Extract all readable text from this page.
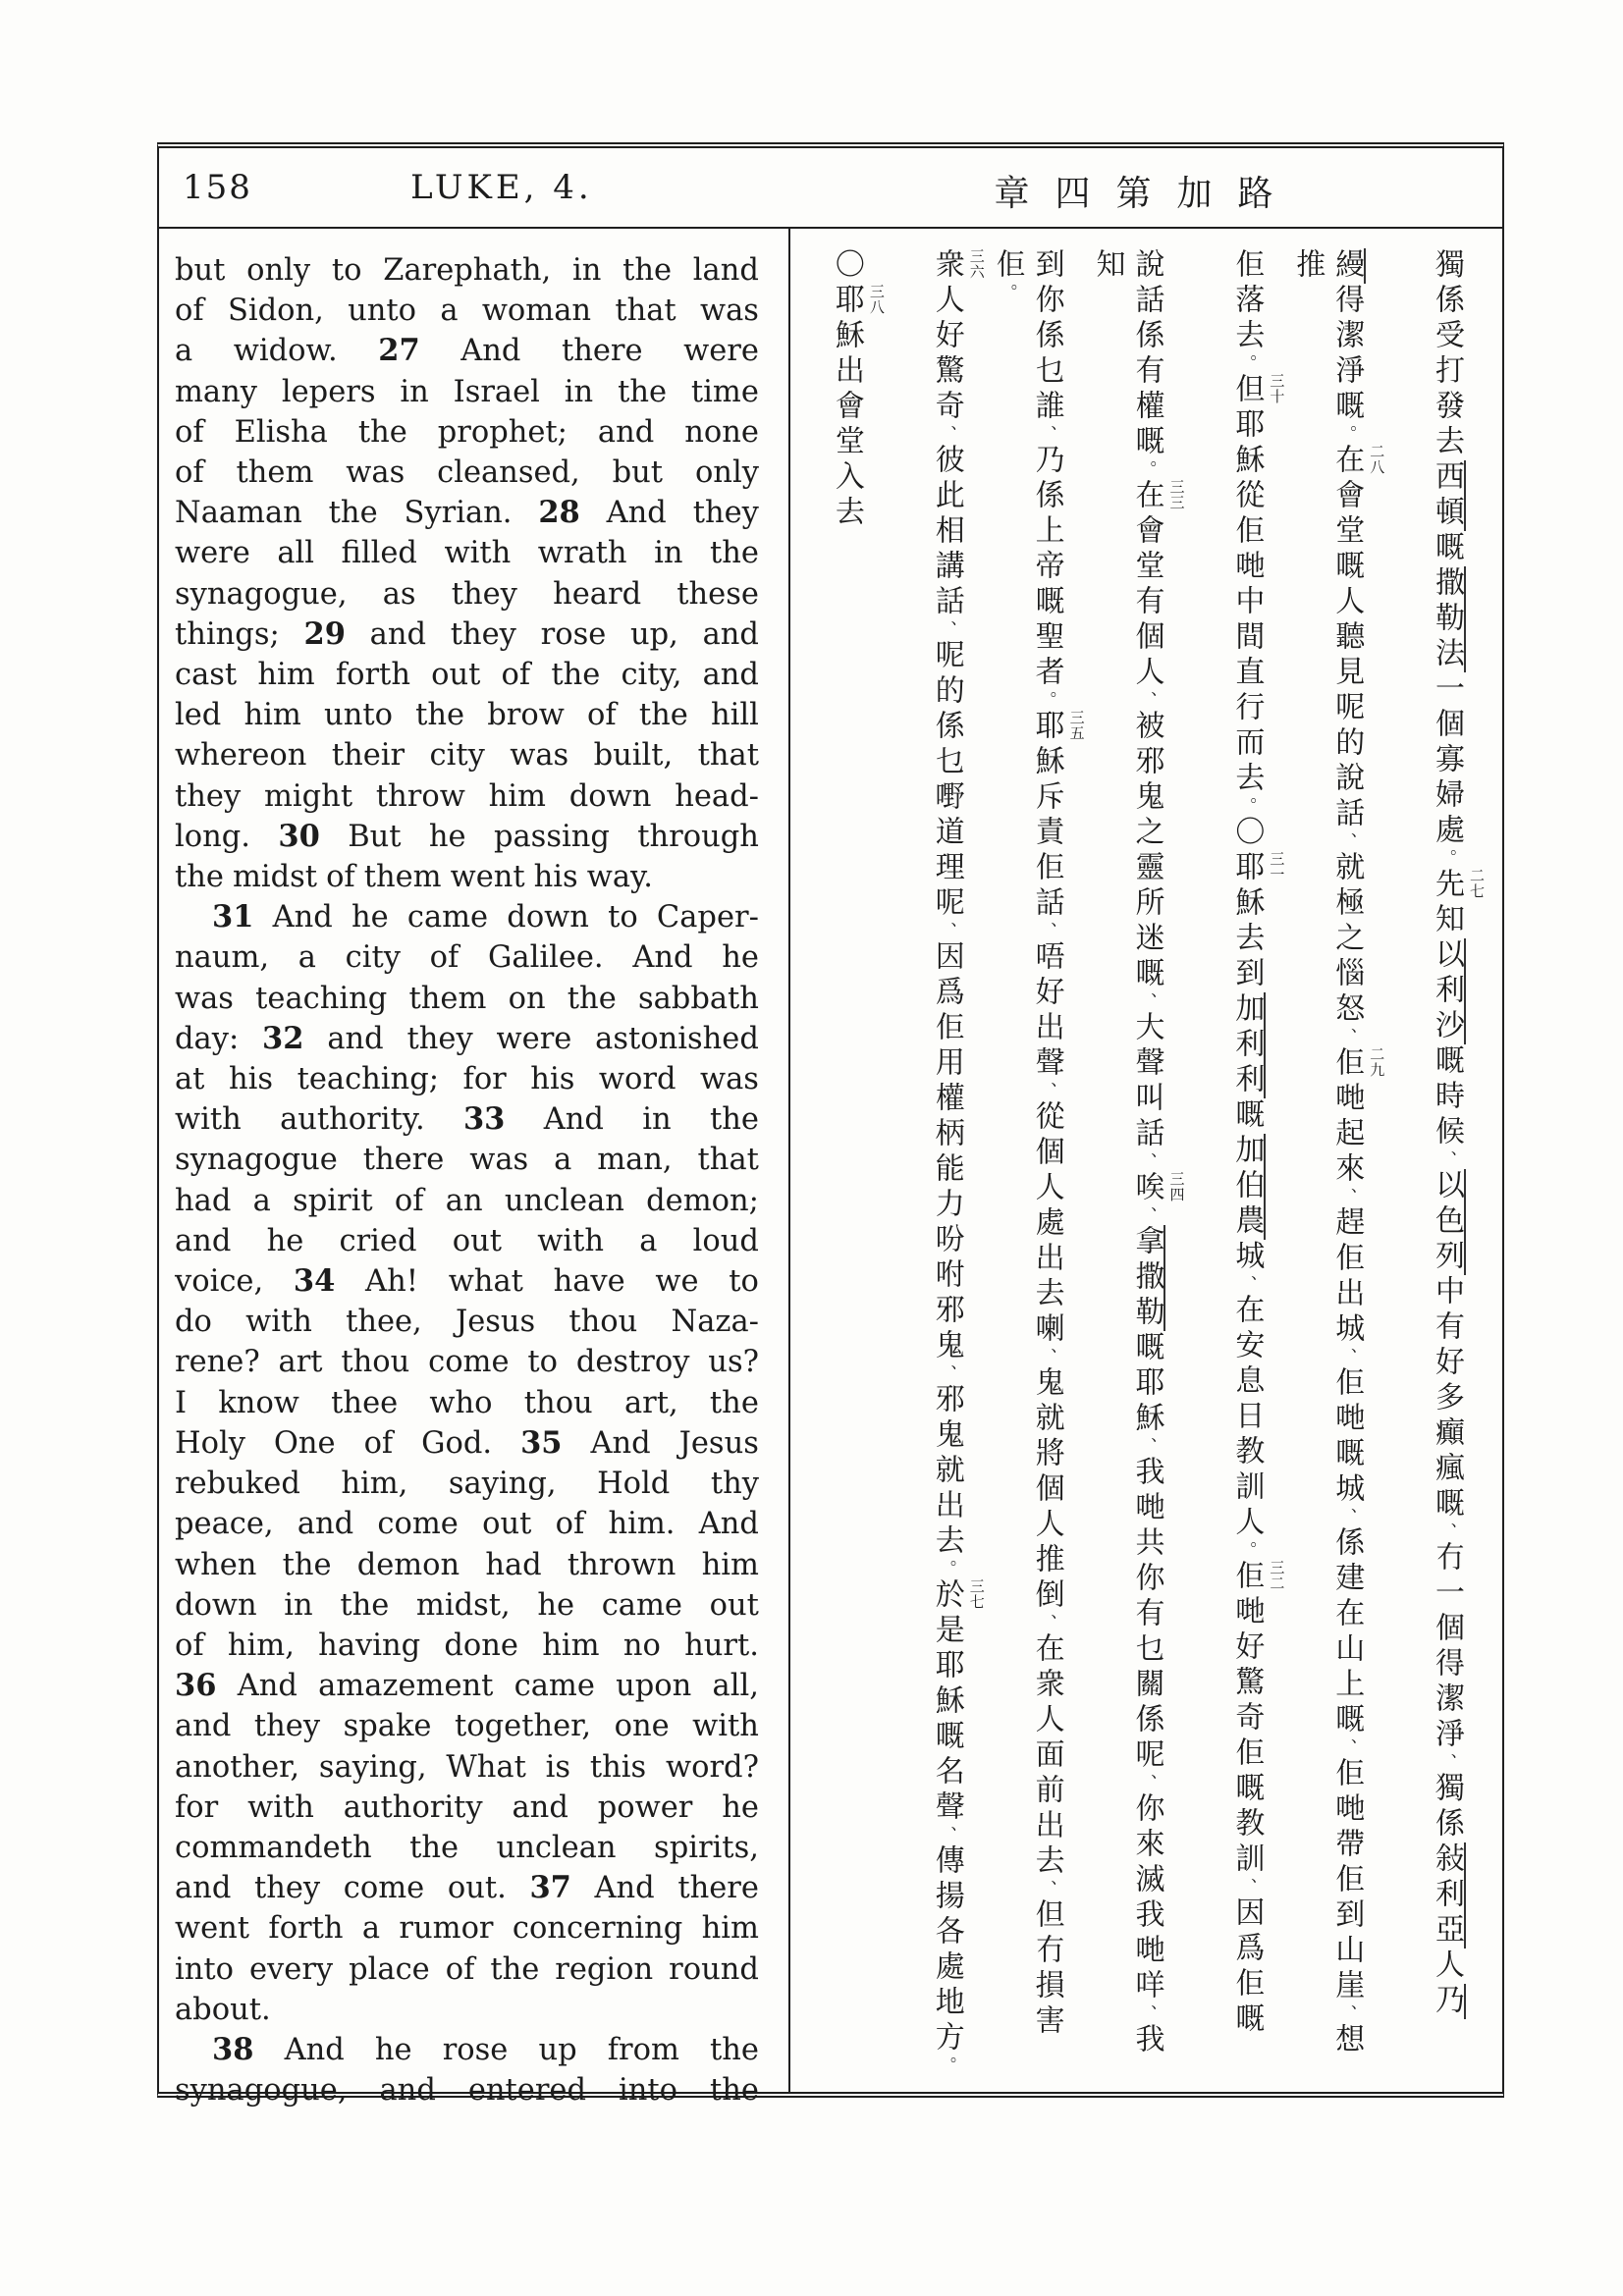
158	LUKE, 4.	章四第加路
but only to Zarephath, in the land
of Sidon, unto a woman that was
a widow. 27 And there were
many lepers in Israel in the time
of Elisha the prophet; and none
of them was cleansed, but only
Naaman the Syrian. 28 And they
were all filled with wrath in the
synagogue, as they heard these
things; 29 and they rose up, and
cast him forth out of the city, and
led him unto the brow of the hill
whereon their city was built, that
they might throw him down head-
long. 30 But he passing through
the midst of them went his way.
31 And he came down to Caper-
naum, a city of Galilee. And he
was teaching them on the sabbath
day: 32 and they were astonished
at his teaching; for his word was
with authority. 33 And in the
synagogue there was a man, that
had a spirit of an unclean demon;
and he cried out with a loud
voice, 34 Ah! what have we to
do with thee, Jesus thou Naza-
rene? art thou come to destroy us?
I know thee who thou art, the
Holy One of God. 35 And Jesus
rebuked him, saying, Hold thy
peace, and come out of him. And
when the demon had thrown him
down in the midst, he came out
of him, having done him no hurt.
36 And amazement came upon all,
and they spake together, one with
another, saying, What is this word?
for with authority and power he
commandeth the unclean spirits,
and they come out. 37 And there
went forth a rumor concerning him
into every place of the region round
about.
38 And he rose up from the
synagogue, and entered into the
獨係受打發去西頓嘅撒勒法一個寡婦處。
二七
先知以利沙嘅時候、以色列中有好多癲瘋嘅、冇一個得潔淨、獨係敍利亞人乃
縵得潔淨嘅。
二八
在會堂嘅人聽見呢的說話、就極之惱怒、
二九
佢哋起來、趕佢出城、佢哋嘅城、係建在山上嘅、佢哋帶佢到山崖、想推
佢落去。
三十
但耶穌從佢哋中間直行而去。〇
三一
耶穌去到加利利嘅加伯農城、在安息日教訓人。
三二
佢哋好驚奇佢嘅教訓、因爲佢嘅
說話係有權嘅。
三三
在會堂有個人、被邪鬼之靈所迷嘅、大聲叫話、
三四
唉、拿撒勒嘅耶穌、我哋共你有乜關係呢、你來滅我哋咩、我知
到你係乜誰、乃係上帝嘅聖者。
三五
耶穌斥責佢話、唔好出聲、從個人處出去喇、鬼就將個人推倒、在衆人面前出去、但冇損害佢。
三六
衆人好驚奇、彼此相講話、呢的係乜嘢道理呢、因爲佢用權柄能力吩咐邪鬼、邪鬼就出去。
三七
於是耶穌嘅名聲、傳揚各處地方。
〇
三八
耶穌出會堂入去
